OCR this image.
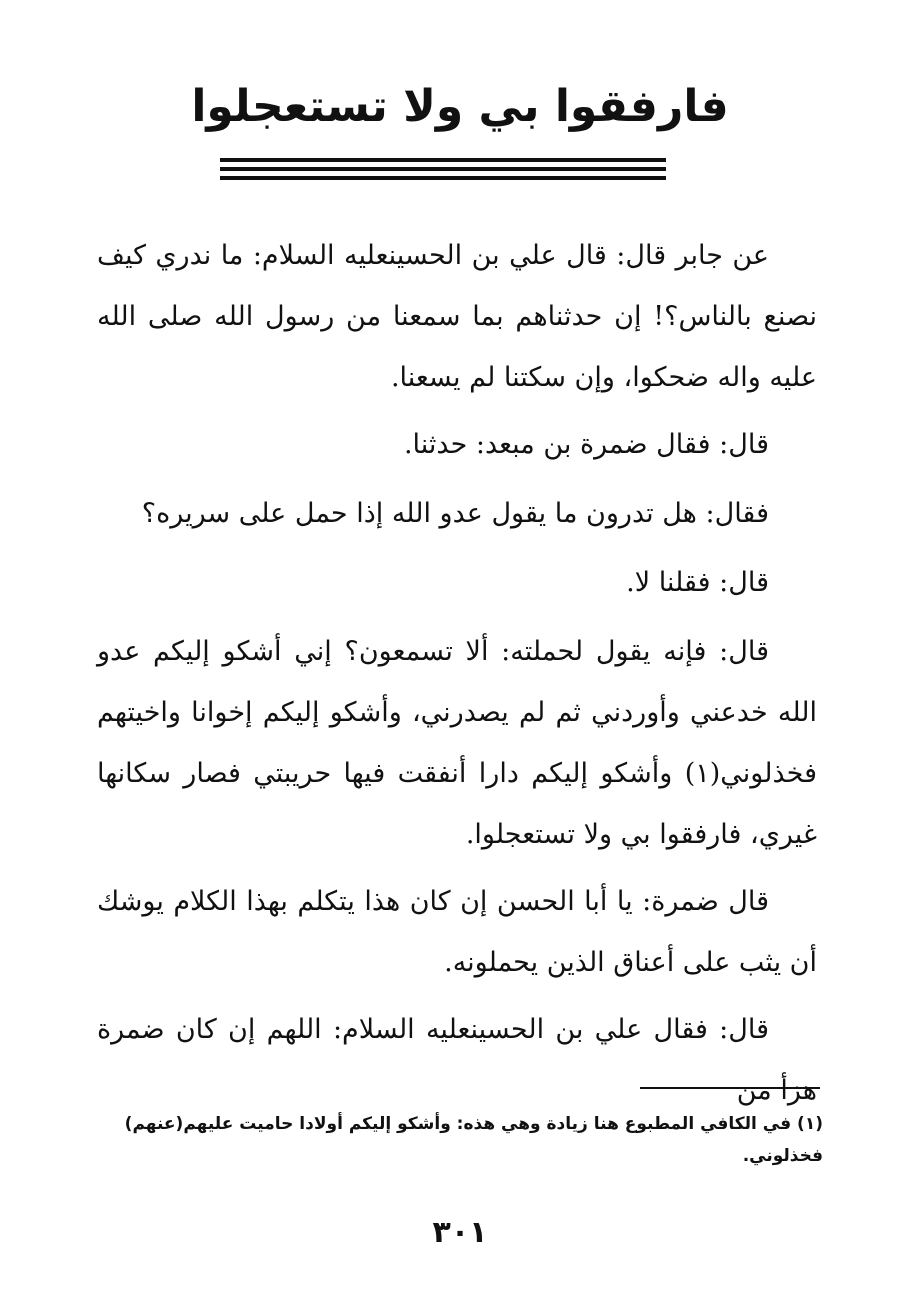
فارفقوا بي ولا تستعجلوا

عن جابر قال: قال علي بن الحسينعليه السلام: ما ندري كيف نصنع بالناس؟! إن حدثناهم بما سمعنا من رسول الله صلى الله عليه واله ضحكوا، وإن سكتنا لم يسعنا.

قال: فقال ضمرة بن مبعد: حدثنا.

فقال: هل تدرون ما يقول عدو الله إذا حمل على سريره؟

قال: فقلنا لا.

قال: فإنه يقول لحملته: ألا تسمعون؟ إني أشكو إليكم عدو الله خدعني وأوردني ثم لم يصدرني، وأشكو إليكم إخوانا واخيتهم فخذلوني(١) وأشكو إليكم دارا أنفقت فيها حريبتي فصار سكانها غيري، فارفقوا بي ولا تستعجلوا.

قال ضمرة: يا أبا الحسن إن كان هذا يتكلم بهذا الكلام يوشك أن يثب على أعناق الذين يحملونه.

قال: فقال علي بن الحسينعليه السلام: اللهم إن كان ضمرة هزأ من

(١) في الكافي المطبوع هنا زيادة وهي هذه: وأشكو إليكم أولادا حاميت عليهم(عنهم) فخذلوني.

٣٠١
